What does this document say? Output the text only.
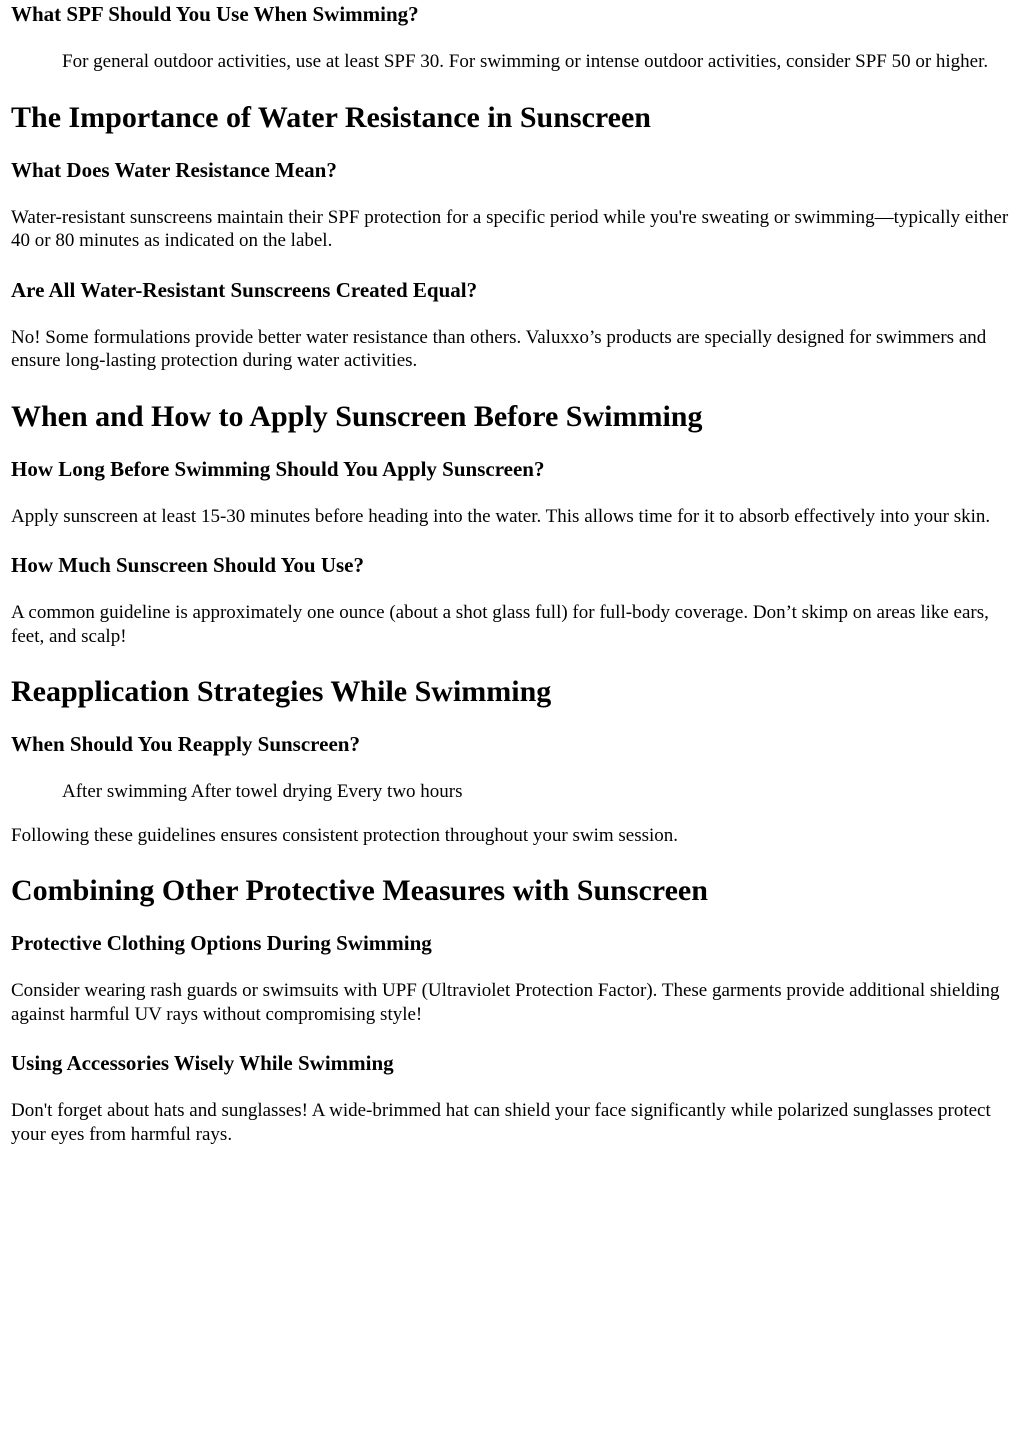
What SPF Should You Use When Swimming?

For general outdoor activities, use at least SPF 30. For swimming or intense outdoor activities, consider SPF 50 or higher.

The Importance of Water Resistance in Sunscreen
What Does Water Resistance Mean?

Water-resistant sunscreens maintain their SPF protection for a specific period while you're sweating or swimming—typically either 40 or 80 minutes as indicated on the label.

Are All Water-Resistant Sunscreens Created Equal?

No! Some formulations provide better water resistance than others. Valuxxo’s products are specially designed for swimmers and ensure long-lasting protection during water activities.

When and How to Apply Sunscreen Before Swimming
How Long Before Swimming Should You Apply Sunscreen?

Apply sunscreen at least 15-30 minutes before heading into the water. This allows time for it to absorb effectively into your skin.

How Much Sunscreen Should You Use?

A common guideline is approximately one ounce (about a shot glass full) for full-body coverage. Don’t skimp on areas like ears, feet, and scalp!

Reapplication Strategies While Swimming
When Should You Reapply Sunscreen?

After swimming After towel drying Every two hours

Following these guidelines ensures consistent protection throughout your swim session.

Combining Other Protective Measures with Sunscreen
Protective Clothing Options During Swimming

Consider wearing rash guards or swimsuits with UPF (Ultraviolet Protection Factor). These garments provide additional shielding against harmful UV rays without compromising style!

Using Accessories Wisely While Swimming

Don't forget about hats and sunglasses! A wide-brimmed hat can shield your face significantly while polarized sunglasses protect your eyes from harmful rays.
